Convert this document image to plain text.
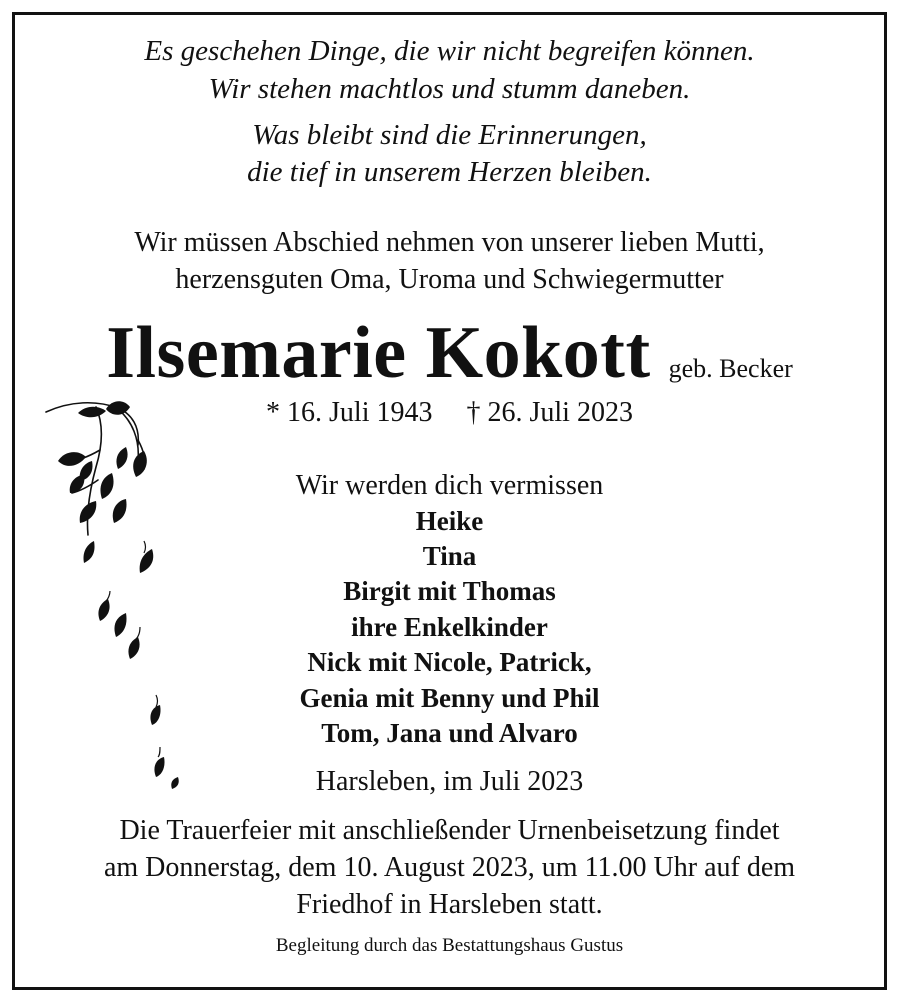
Es geschehen Dinge, die wir nicht begreifen können.
Wir stehen machtlos und stumm daneben.
Was bleibt sind die Erinnerungen,
die tief in unserem Herzen bleiben.
Wir müssen Abschied nehmen von unserer lieben Mutti,
herzensguten Oma, Uroma und Schwiegermutter
Ilsemarie Kokott geb. Becker
* 16. Juli 1943 † 26. Juli 2023
Wir werden dich vermissen
Heike
Tina
Birgit mit Thomas
ihre Enkelkinder
Nick mit Nicole, Patrick,
Genia mit Benny und Phil
Tom, Jana und Alvaro
Harsleben, im Juli 2023
Die Trauerfeier mit anschließender Urnenbeisetzung findet
am Donnerstag, dem 10. August 2023, um 11.00 Uhr auf dem
Friedhof in Harsleben statt.
Begleitung durch das Bestattungshaus Gustus
